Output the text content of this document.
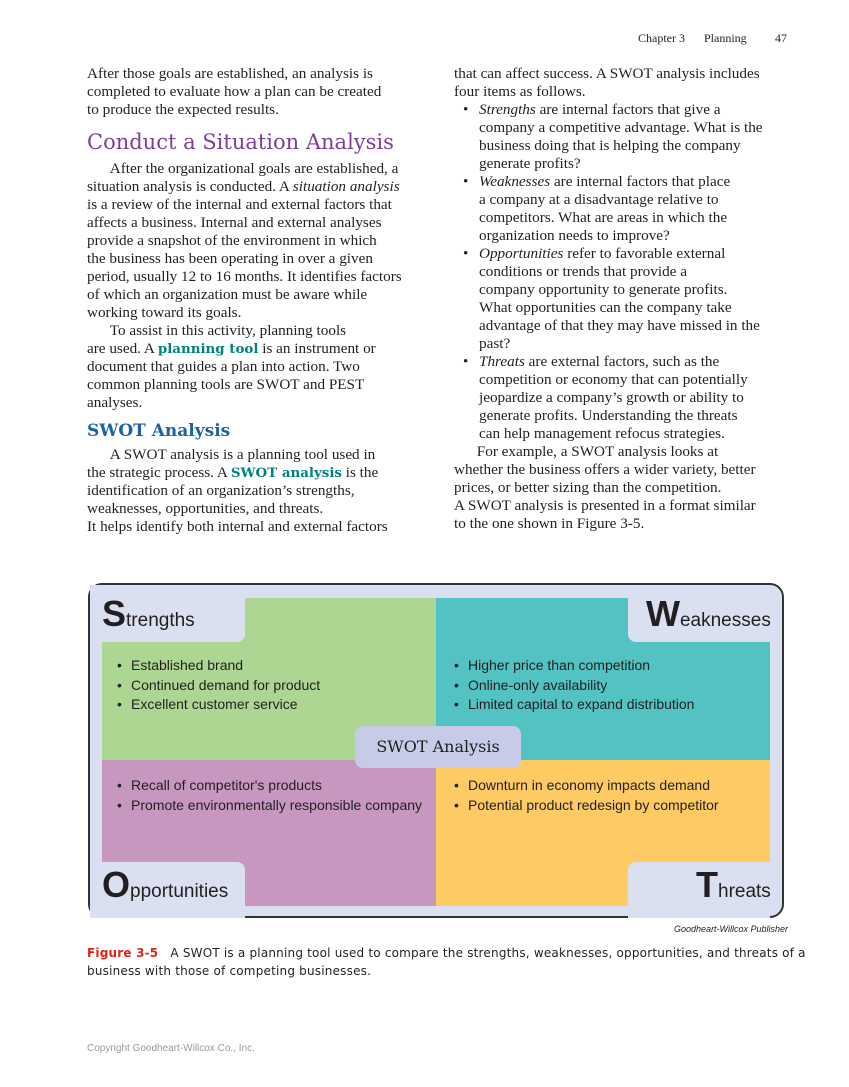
Chapter 3 Planning 47
Conduct a Situation Analysis
SWOT Analysis
Strengths	Weaknesses
Opportunities	Threats
• Established brand
• Continued demand for product
• Excellent customer service
• Higher price than competition
• Online-only availability
• Limited capital to expand distribution
• Recall of competitor's products
• Promote environmentally responsible company
• Downturn in economy impacts demand
• Potential product redesign by competitor
SWOT Analysis
Goodheart-Willcox Publisher
Figure 3-5 A SWOT is a planning tool used to compare the strengths, weaknesses, opportunities, and threats of a
business with those of competing businesses.
Copyright Goodheart-Willcox Co., Inc.
After those goals are established, an analysis is
completed to evaluate how a plan can be created
to produce the expected results.
  After the organizational goals are established, a
situation analysis is conducted. A situation analysis
is a review of the internal and external factors that
affects a business. Internal and external analyses
provide a snapshot of the environment in which
the business has been operating in over a given
period, usually 12 to 16 months. It identifies factors
of which an organization must be aware while
working toward its goals.
  To assist in this activity, planning tools
are used. A planning tool is an instrument or
document that guides a plan into action. Two
common planning tools are SWOT and PEST
analyses.
  A SWOT analysis is a planning tool used in
the strategic process. A SWOT analysis is the
identification of an organization’s strengths,
weaknesses, opportunities, and threats.
It helps identify both internal and external factors
that can affect success. A SWOT analysis includes
four items as follows.
• Strengths are internal factors that give a
company a competitive advantage. What is the
business doing that is helping the company
generate profits?
• Weaknesses are internal factors that place
a company at a disadvantage relative to
competitors. What are areas in which the
organization needs to improve?
• Opportunities refer to favorable external
conditions or trends that provide a
company opportunity to generate profits.
What opportunities can the company take
advantage of that they may have missed in the
past?
• Threats are external factors, such as the
competition or economy that can potentially
jeopardize a company’s growth or ability to
generate profits. Understanding the threats
can help management refocus strategies.
  For example, a SWOT analysis looks at
whether the business offers a wider variety, better
prices, or better sizing than the competition.
A SWOT analysis is presented in a format similar
to the one shown in Figure 3-5.
